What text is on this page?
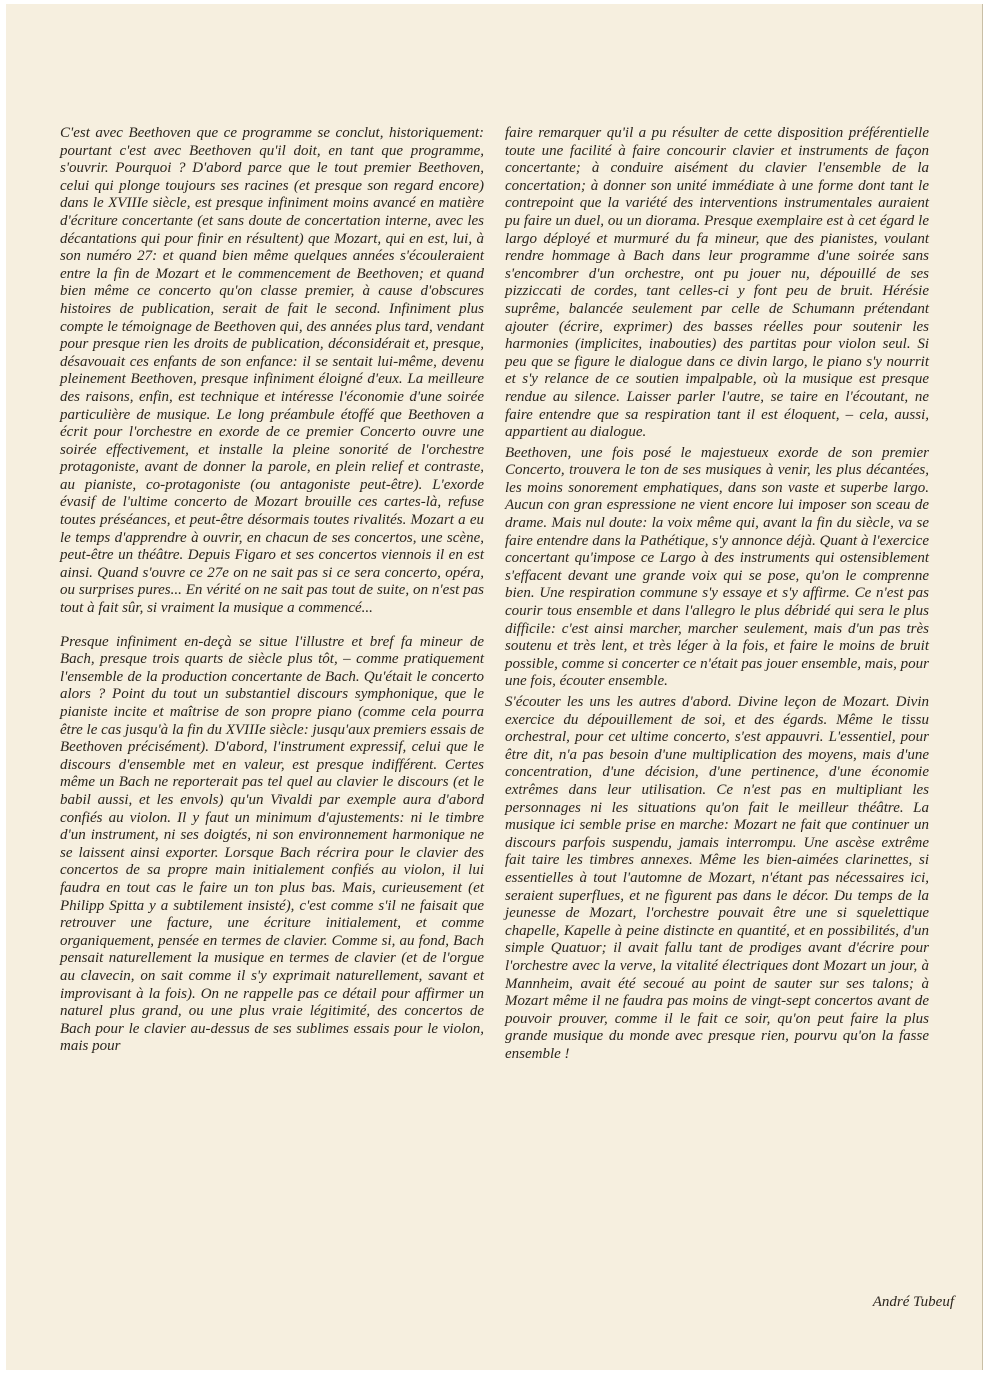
C'est avec Beethoven que ce programme se conclut, historiquement: pourtant c'est avec Beethoven qu'il doit, en tant que programme, s'ouvrir. Pourquoi ? D'abord parce que le tout premier Beethoven, celui qui plonge toujours ses racines (et presque son regard encore) dans le XVIIIe siècle, est presque infiniment moins avancé en matière d'écriture concertante (et sans doute de concertation interne, avec les décantations qui pour finir en résultent) que Mozart, qui en est, lui, à son numéro 27: et quand bien même quelques années s'écouleraient entre la fin de Mozart et le commencement de Beethoven; et quand bien même ce concerto qu'on classe premier, à cause d'obscures histoires de publication, serait de fait le second. Infiniment plus compte le témoignage de Beethoven qui, des années plus tard, vendant pour presque rien les droits de publication, déconsidérait et, presque, désavouait ces enfants de son enfance: il se sentait lui-même, devenu pleinement Beethoven, presque infiniment éloigné d'eux. La meilleure des raisons, enfin, est technique et intéresse l'économie d'une soirée particulière de musique. Le long préambule étoffé que Beethoven a écrit pour l'orchestre en exorde de ce premier Concerto ouvre une soirée effectivement, et installe la pleine sonorité de l'orchestre protagoniste, avant de donner la parole, en plein relief et contraste, au pianiste, co-protagoniste (ou antagoniste peut-être). L'exorde évasif de l'ultime concerto de Mozart brouille ces cartes-là, refuse toutes préséances, et peut-être désormais toutes rivalités. Mozart a eu le temps d'apprendre à ouvrir, en chacun de ses concertos, une scène, peut-être un théâtre. Depuis Figaro et ses concertos viennois il en est ainsi. Quand s'ouvre ce 27e on ne sait pas si ce sera concerto, opéra, ou surprises pures... En vérité on ne sait pas tout de suite, on n'est pas tout à fait sûr, si vraiment la musique a commencé...

Presque infiniment en-deçà se situe l'illustre et bref fa mineur de Bach, presque trois quarts de siècle plus tôt, – comme pratiquement l'ensemble de la production concertante de Bach. Qu'était le concerto alors ? Point du tout un substantiel discours symphonique, que le pianiste incite et maîtrise de son propre piano (comme cela pourra être le cas jusqu'à la fin du XVIIIe siècle: jusqu'aux premiers essais de Beethoven précisément). D'abord, l'instrument expressif, celui que le discours d'ensemble met en valeur, est presque indifférent. Certes même un Bach ne reporterait pas tel quel au clavier le discours (et le babil aussi, et les envols) qu'un Vivaldi par exemple aura d'abord confiés au violon. Il y faut un minimum d'ajustements: ni le timbre d'un instrument, ni ses doigtés, ni son environnement harmonique ne se laissent ainsi exporter. Lorsque Bach récrira pour le clavier des concertos de sa propre main initialement confiés au violon, il lui faudra en tout cas le faire un ton plus bas. Mais, curieusement (et Philipp Spitta y a subtilement insisté), c'est comme s'il ne faisait que retrouver une facture, une écriture initialement, et comme organiquement, pensée en termes de clavier. Comme si, au fond, Bach pensait naturellement la musique en termes de clavier (et de l'orgue au clavecin, on sait comme il s'y exprimait naturellement, savant et improvisant à la fois). On ne rappelle pas ce détail pour affirmer un naturel plus grand, ou une plus vraie légitimité, des concertos de Bach pour le clavier au-dessus de ses sublimes essais pour le violon, mais pour

faire remarquer qu'il a pu résulter de cette disposition préférentielle toute une facilité à faire concourir clavier et instruments de façon concertante; à conduire aisément du clavier l'ensemble de la concertation; à donner son unité immédiate à une forme dont tant le contrepoint que la variété des interventions instrumentales auraient pu faire un duel, ou un diorama. Presque exemplaire est à cet égard le largo déployé et murmuré du fa mineur, que des pianistes, voulant rendre hommage à Bach dans leur programme d'une soirée sans s'encombrer d'un orchestre, ont pu jouer nu, dépouillé de ses pizziccati de cordes, tant celles-ci y font peu de bruit. Hérésie suprême, balancée seulement par celle de Schumann prétendant ajouter (écrire, exprimer) des basses réelles pour soutenir les harmonies (implicites, inabouties) des partitas pour violon seul. Si peu que se figure le dialogue dans ce divin largo, le piano s'y nourrit et s'y relance de ce soutien impalpable, où la musique est presque rendue au silence. Laisser parler l'autre, se taire en l'écoutant, ne faire entendre que sa respiration tant il est éloquent, – cela, aussi, appartient au dialogue.

Beethoven, une fois posé le majestueux exorde de son premier Concerto, trouvera le ton de ses musiques à venir, les plus décantées, les moins sonorement emphatiques, dans son vaste et superbe largo. Aucun con gran espressione ne vient encore lui imposer son sceau de drame. Mais nul doute: la voix même qui, avant la fin du siècle, va se faire entendre dans la Pathétique, s'y annonce déjà. Quant à l'exercice concertant qu'impose ce Largo à des instruments qui ostensiblement s'effacent devant une grande voix qui se pose, qu'on le comprenne bien. Une respiration commune s'y essaye et s'y affirme. Ce n'est pas courir tous ensemble et dans l'allegro le plus débridé qui sera le plus difficile: c'est ainsi marcher, marcher seulement, mais d'un pas très soutenu et très lent, et très léger à la fois, et faire le moins de bruit possible, comme si concerter ce n'était pas jouer ensemble, mais, pour une fois, écouter ensemble.

S'écouter les uns les autres d'abord. Divine leçon de Mozart. Divin exercice du dépouillement de soi, et des égards. Même le tissu orchestral, pour cet ultime concerto, s'est appauvri. L'essentiel, pour être dit, n'a pas besoin d'une multiplication des moyens, mais d'une concentration, d'une décision, d'une pertinence, d'une économie extrêmes dans leur utilisation. Ce n'est pas en multipliant les personnages ni les situations qu'on fait le meilleur théâtre. La musique ici semble prise en marche: Mozart ne fait que continuer un discours parfois suspendu, jamais interrompu. Une ascèse extrême fait taire les timbres annexes. Même les bien-aimées clarinettes, si essentielles à tout l'automne de Mozart, n'étant pas nécessaires ici, seraient superflues, et ne figurent pas dans le décor. Du temps de la jeunesse de Mozart, l'orchestre pouvait être une si squelettique chapelle, Kapelle à peine distincte en quantité, et en possibilités, d'un simple Quatuor; il avait fallu tant de prodiges avant d'écrire pour l'orchestre avec la verve, la vitalité électriques dont Mozart un jour, à Mannheim, avait été secoué au point de sauter sur ses talons; à Mozart même il ne faudra pas moins de vingt-sept concertos avant de pouvoir prouver, comme il le fait ce soir, qu'on peut faire la plus grande musique du monde avec presque rien, pourvu qu'on la fasse ensemble !

André Tubeuf
